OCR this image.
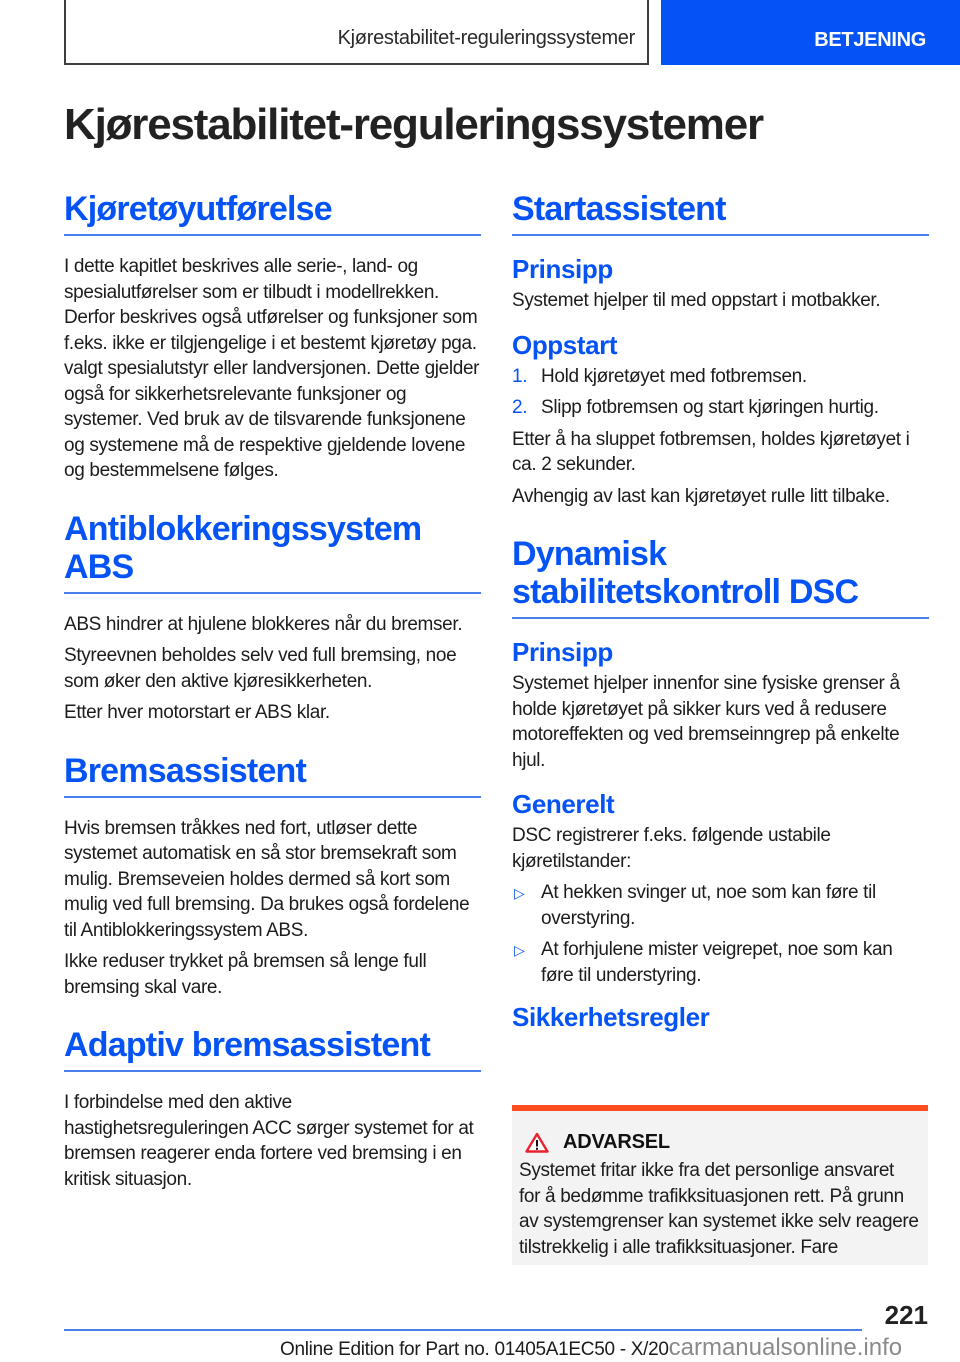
Kjørestabilitet-reguleringssystemer	BETJENING
Kjørestabilitet-reguleringssystemer
Kjøretøyutførelse

I dette kapitlet beskrives alle serie-, land- og spesialutførelser som er tilbudt i modellrekken. Derfor beskrives også utførelser og funksjoner som f.eks. ikke er tilgjengelige i et bestemt kjøretøy pga. valgt spesialutstyr eller landversjonen. Dette gjelder også for sikkerhetsrelevante funksjoner og systemer. Ved bruk av de tilsvarende funksjonene og systemene må de respektive gjeldende lovene og bestemmelsene følges.

Antiblokkeringssystem ABS

ABS hindrer at hjulene blokkeres når du bremser.

Styreevnen beholdes selv ved full bremsing, noe som øker den aktive kjøresikkerheten.

Etter hver motorstart er ABS klar.

Bremsassistent

Hvis bremsen tråkkes ned fort, utløser dette systemet automatisk en så stor bremsekraft som mulig. Bremseveien holdes dermed så kort som mulig ved full bremsing. Da brukes også fordelene til Antiblokkeringssystem ABS.

Ikke reduser trykket på bremsen så lenge full bremsing skal vare.

Adaptiv bremsassistent

I forbindelse med den aktive hastighetsreguleringen ACC sørger systemet for at bremsen reagerer enda fortere ved bremsing i en kritisk situasjon.

Startassistent
Prinsipp

Systemet hjelper til med oppstart i motbakker.

Oppstart
1. Hold kjøretøyet med fotbremsen.
2. Slipp fotbremsen og start kjøringen hurtig.

Etter å ha sluppet fotbremsen, holdes kjøretøyet i ca. 2 sekunder.

Avhengig av last kan kjøretøyet rulle litt tilbake.

Dynamisk stabilitetskontroll DSC
Prinsipp

Systemet hjelper innenfor sine fysiske grenser å holde kjøretøyet på sikker kurs ved å redusere motoreffekten og ved bremseinngrep på enkelte hjul.

Generelt

DSC registrerer f.eks. følgende ustabile kjøretilstander:

▷ At hekken svinger ut, noe som kan føre til overstyring.
▷ At forhjulene mister veigrepet, noe som kan føre til understyring.
Sikkerhetsregler
ADVARSEL

Systemet fritar ikke fra det personlige ansvaret for å bedømme trafikksituasjonen rett. På grunn av systemgrenser kan systemet ikke selv reagere tilstrekkelig i alle trafikksituasjoner. Fare

221
Online Edition for Part no. 01405A1EC50 - X/20carmanualsonline.info
